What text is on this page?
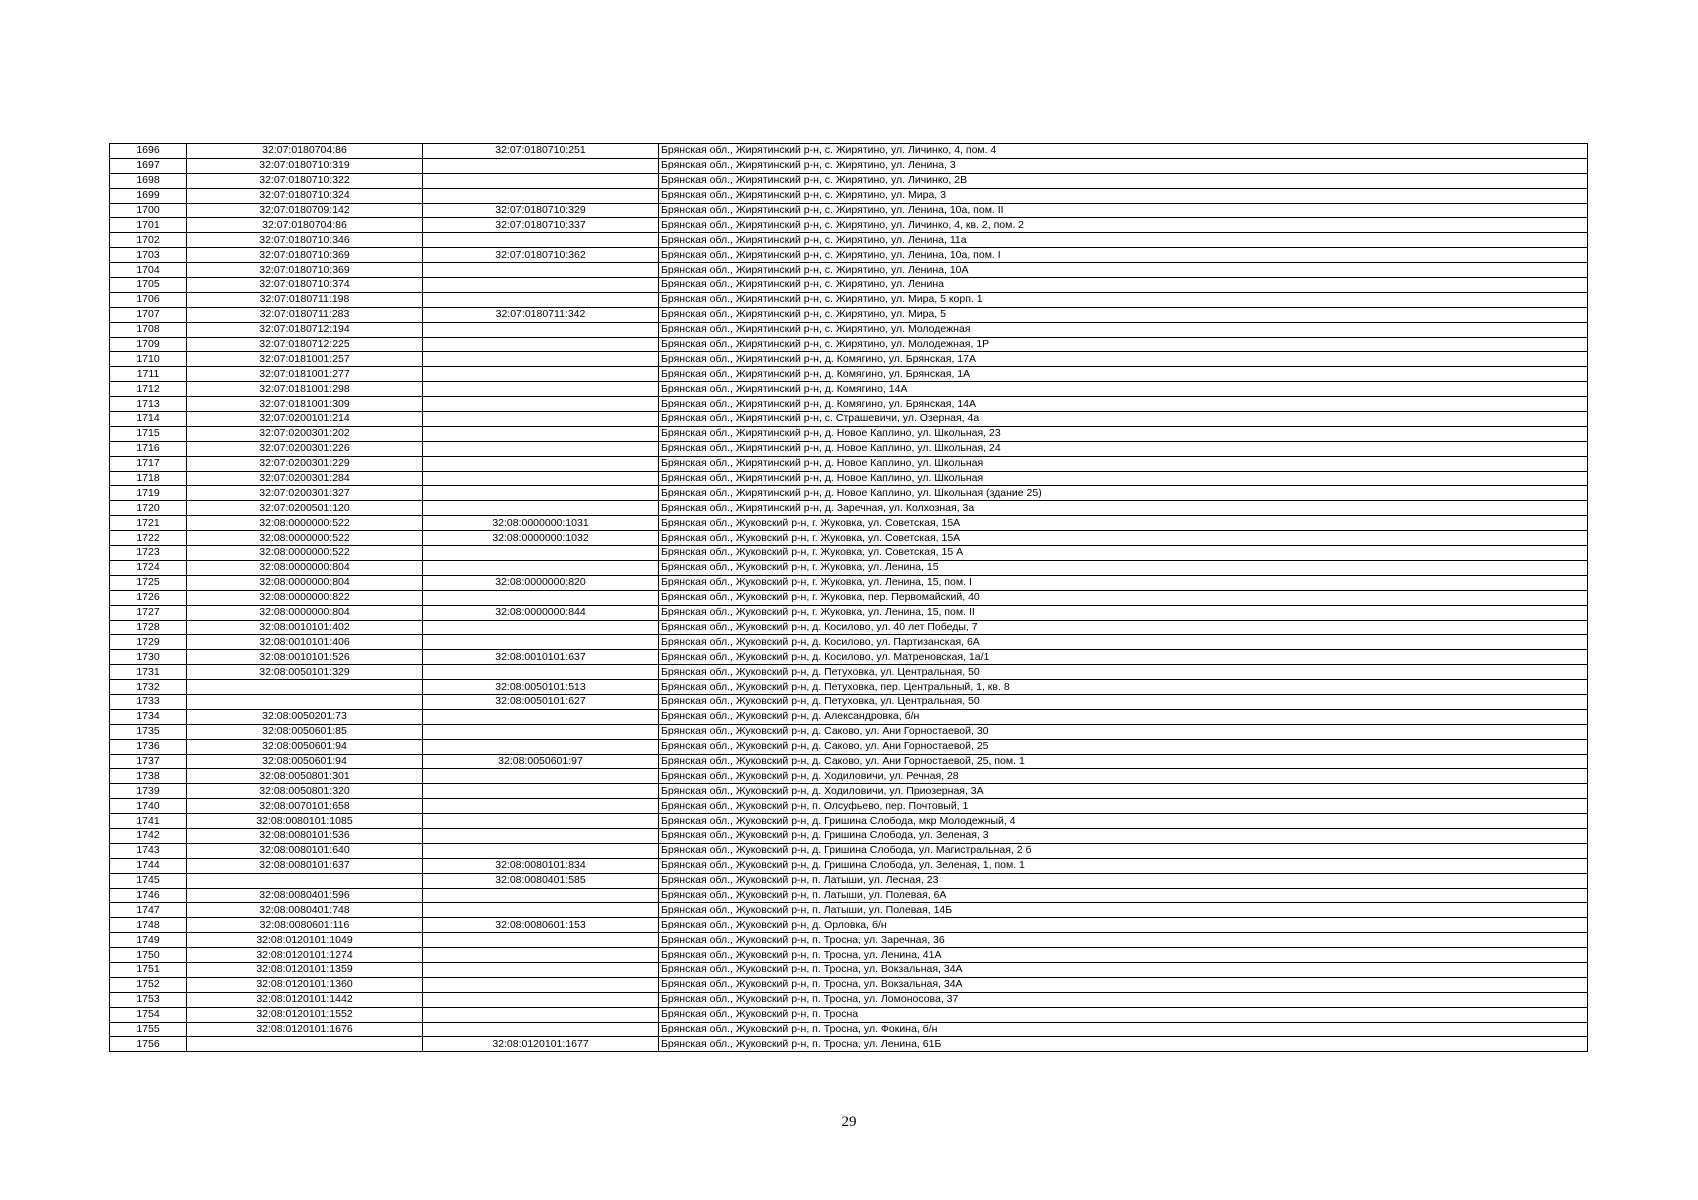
1696	32:07:0180704:86	32:07:0180710:251	Брянская обл., Жирятинский р-н, с. Жирятино, ул. Личинко, 4, пом. 4
1697	32:07:0180710:319		Брянская обл., Жирятинский р-н, с. Жирятино, ул. Ленина, 3
1698	32:07:0180710:322		Брянская обл., Жирятинский р-н, с. Жирятино, ул. Личинко, 2В
1699	32:07:0180710:324		Брянская обл., Жирятинский р-н, с. Жирятино, ул. Мира, 3
1700	32:07:0180709:142	32:07:0180710:329	Брянская обл., Жирятинский р-н, с. Жирятино, ул. Ленина, 10а, пом. II
1701	32:07:0180704:86	32:07:0180710:337	Брянская обл., Жирятинский р-н, с. Жирятино, ул. Личинко, 4, кв. 2, пом. 2
1702	32:07:0180710:346		Брянская обл., Жирятинский р-н, с. Жирятино, ул. Ленина, 11а
1703	32:07:0180710:369	32:07:0180710:362	Брянская обл., Жирятинский р-н, с. Жирятино, ул. Ленина, 10а, пом. I
1704	32:07:0180710:369		Брянская обл., Жирятинский р-н, с. Жирятино, ул. Ленина, 10А
1705	32:07:0180710:374		Брянская обл., Жирятинский р-н, с. Жирятино, ул. Ленина
1706	32:07:0180711:198		Брянская обл., Жирятинский р-н, с. Жирятино, ул. Мира, 5 корп. 1
1707	32:07:0180711:283	32:07:0180711:342	Брянская обл., Жирятинский р-н, с. Жирятино, ул. Мира, 5
1708	32:07:0180712:194		Брянская обл., Жирятинский р-н, с. Жирятино, ул. Молодежная
1709	32:07:0180712:225		Брянская обл., Жирятинский р-н, с. Жирятино, ул. Молодежная, 1Р
1710	32:07:0181001:257		Брянская обл., Жирятинский р-н, д. Комягино, ул. Брянская, 17А
1711	32:07:0181001:277		Брянская обл., Жирятинский р-н, д. Комягино, ул. Брянская, 1А
1712	32:07:0181001:298		Брянская обл., Жирятинский р-н, д. Комягино, 14А
1713	32:07:0181001:309		Брянская обл., Жирятинский р-н, д. Комягино, ул. Брянская, 14А
1714	32:07:0200101:214		Брянская обл., Жирятинский р-н, с. Страшевичи, ул. Озерная, 4а
1715	32:07:0200301:202		Брянская обл., Жирятинский р-н, д. Новое Каплино, ул. Школьная, 23
1716	32:07:0200301:226		Брянская обл., Жирятинский р-н, д. Новое Каплино, ул. Школьная, 24
1717	32:07:0200301:229		Брянская обл., Жирятинский р-н, д. Новое Каплино, ул. Школьная
1718	32:07:0200301:284		Брянская обл., Жирятинский р-н, д. Новое Каплино, ул. Школьная
1719	32:07:0200301:327		Брянская обл., Жирятинский р-н, д. Новое Каплино, ул. Школьная (здание 25)
1720	32:07:0200501:120		Брянская обл., Жирятинский р-н, д. Заречная, ул. Колхозная, 3а
1721	32:08:0000000:522	32:08:0000000:1031	Брянская обл., Жуковский р-н, г. Жуковка, ул. Советская, 15А
1722	32:08:0000000:522	32:08:0000000:1032	Брянская обл., Жуковский р-н, г. Жуковка, ул. Советская, 15А
1723	32:08:0000000:522		Брянская обл., Жуковский р-н, г. Жуковка, ул. Советская, 15 А
1724	32:08:0000000:804		Брянская обл., Жуковский р-н, г. Жуковка, ул. Ленина, 15
1725	32:08:0000000:804	32:08:0000000:820	Брянская обл., Жуковский р-н, г. Жуковка, ул. Ленина, 15, пом. I
1726	32:08:0000000:822		Брянская обл., Жуковский р-н, г. Жуковка, пер. Первомайский, 40
1727	32:08:0000000:804	32:08:0000000:844	Брянская обл., Жуковский р-н, г. Жуковка, ул. Ленина, 15, пом. II
1728	32:08:0010101:402		Брянская обл., Жуковский р-н, д. Косилово, ул. 40 лет Победы, 7
1729	32:08:0010101:406		Брянская обл., Жуковский р-н, д. Косилово, ул. Партизанская, 6А
1730	32:08:0010101:526	32:08:0010101:637	Брянская обл., Жуковский р-н, д. Косилово, ул. Матреновская, 1а/1
1731	32:08:0050101:329		Брянская обл., Жуковский р-н, д. Петуховка, ул. Центральная, 50
1732		32:08:0050101:513	Брянская обл., Жуковский р-н, д. Петуховка, пер. Центральный, 1, кв. 8
1733		32:08:0050101:627	Брянская обл., Жуковский р-н, д. Петуховка, ул. Центральная, 50
1734	32:08:0050201:73		Брянская обл., Жуковский р-н, д. Александровка, б/н
1735	32:08:0050601:85		Брянская обл., Жуковский р-н, д. Саково, ул. Ани Горностаевой, 30
1736	32:08:0050601:94		Брянская обл., Жуковский р-н, д. Саково, ул. Ани Горностаевой, 25
1737	32:08:0050601:94	32:08:0050601:97	Брянская обл., Жуковский р-н, д. Саково, ул. Ани Горностаевой, 25, пом. 1
1738	32:08:0050801:301		Брянская обл., Жуковский р-н, д. Ходиловичи, ул. Речная, 28
1739	32:08:0050801:320		Брянская обл., Жуковский р-н, д. Ходиловичи, ул. Приозерная, 3А
1740	32:08:0070101:658		Брянская обл., Жуковский р-н, п. Олсуфьево, пер. Почтовый, 1
1741	32:08:0080101:1085		Брянская обл., Жуковский р-н, д. Гришина Слобода, мкр Молодежный, 4
1742	32:08:0080101:536		Брянская обл., Жуковский р-н, д. Гришина Слобода, ул. Зеленая, 3
1743	32:08:0080101:640		Брянская обл., Жуковский р-н, д. Гришина Слобода, ул. Магистральная, 2 б
1744	32:08:0080101:637	32:08:0080101:834	Брянская обл., Жуковский р-н, д. Гришина Слобода, ул. Зеленая, 1, пом. 1
1745		32:08:0080401:585	Брянская обл., Жуковский р-н, п. Латыши, ул. Лесная, 23
1746	32:08:0080401:596		Брянская обл., Жуковский р-н, п. Латыши, ул. Полевая, 6А
1747	32:08:0080401:748		Брянская обл., Жуковский р-н, п. Латыши, ул. Полевая, 14Б
1748	32:08:0080601:116	32:08:0080601:153	Брянская обл., Жуковский р-н, д. Орловка, б/н
1749	32:08:0120101:1049		Брянская обл., Жуковский р-н, п. Тросна, ул. Заречная, 36
1750	32:08:0120101:1274		Брянская обл., Жуковский р-н, п. Тросна, ул. Ленина, 41А
1751	32:08:0120101:1359		Брянская обл., Жуковский р-н, п. Тросна, ул. Вокзальная, 34А
1752	32:08:0120101:1360		Брянская обл., Жуковский р-н, п. Тросна, ул. Вокзальная, 34А
1753	32:08:0120101:1442		Брянская обл., Жуковский р-н, п. Тросна, ул. Ломоносова, 37
1754	32:08:0120101:1552		Брянская обл., Жуковский р-н, п. Тросна
1755	32:08:0120101:1676		Брянская обл., Жуковский р-н, п. Тросна, ул. Фокина, б/н
1756		32:08:0120101:1677	Брянская обл., Жуковский р-н, п. Тросна, ул. Ленина, 61Б
29
